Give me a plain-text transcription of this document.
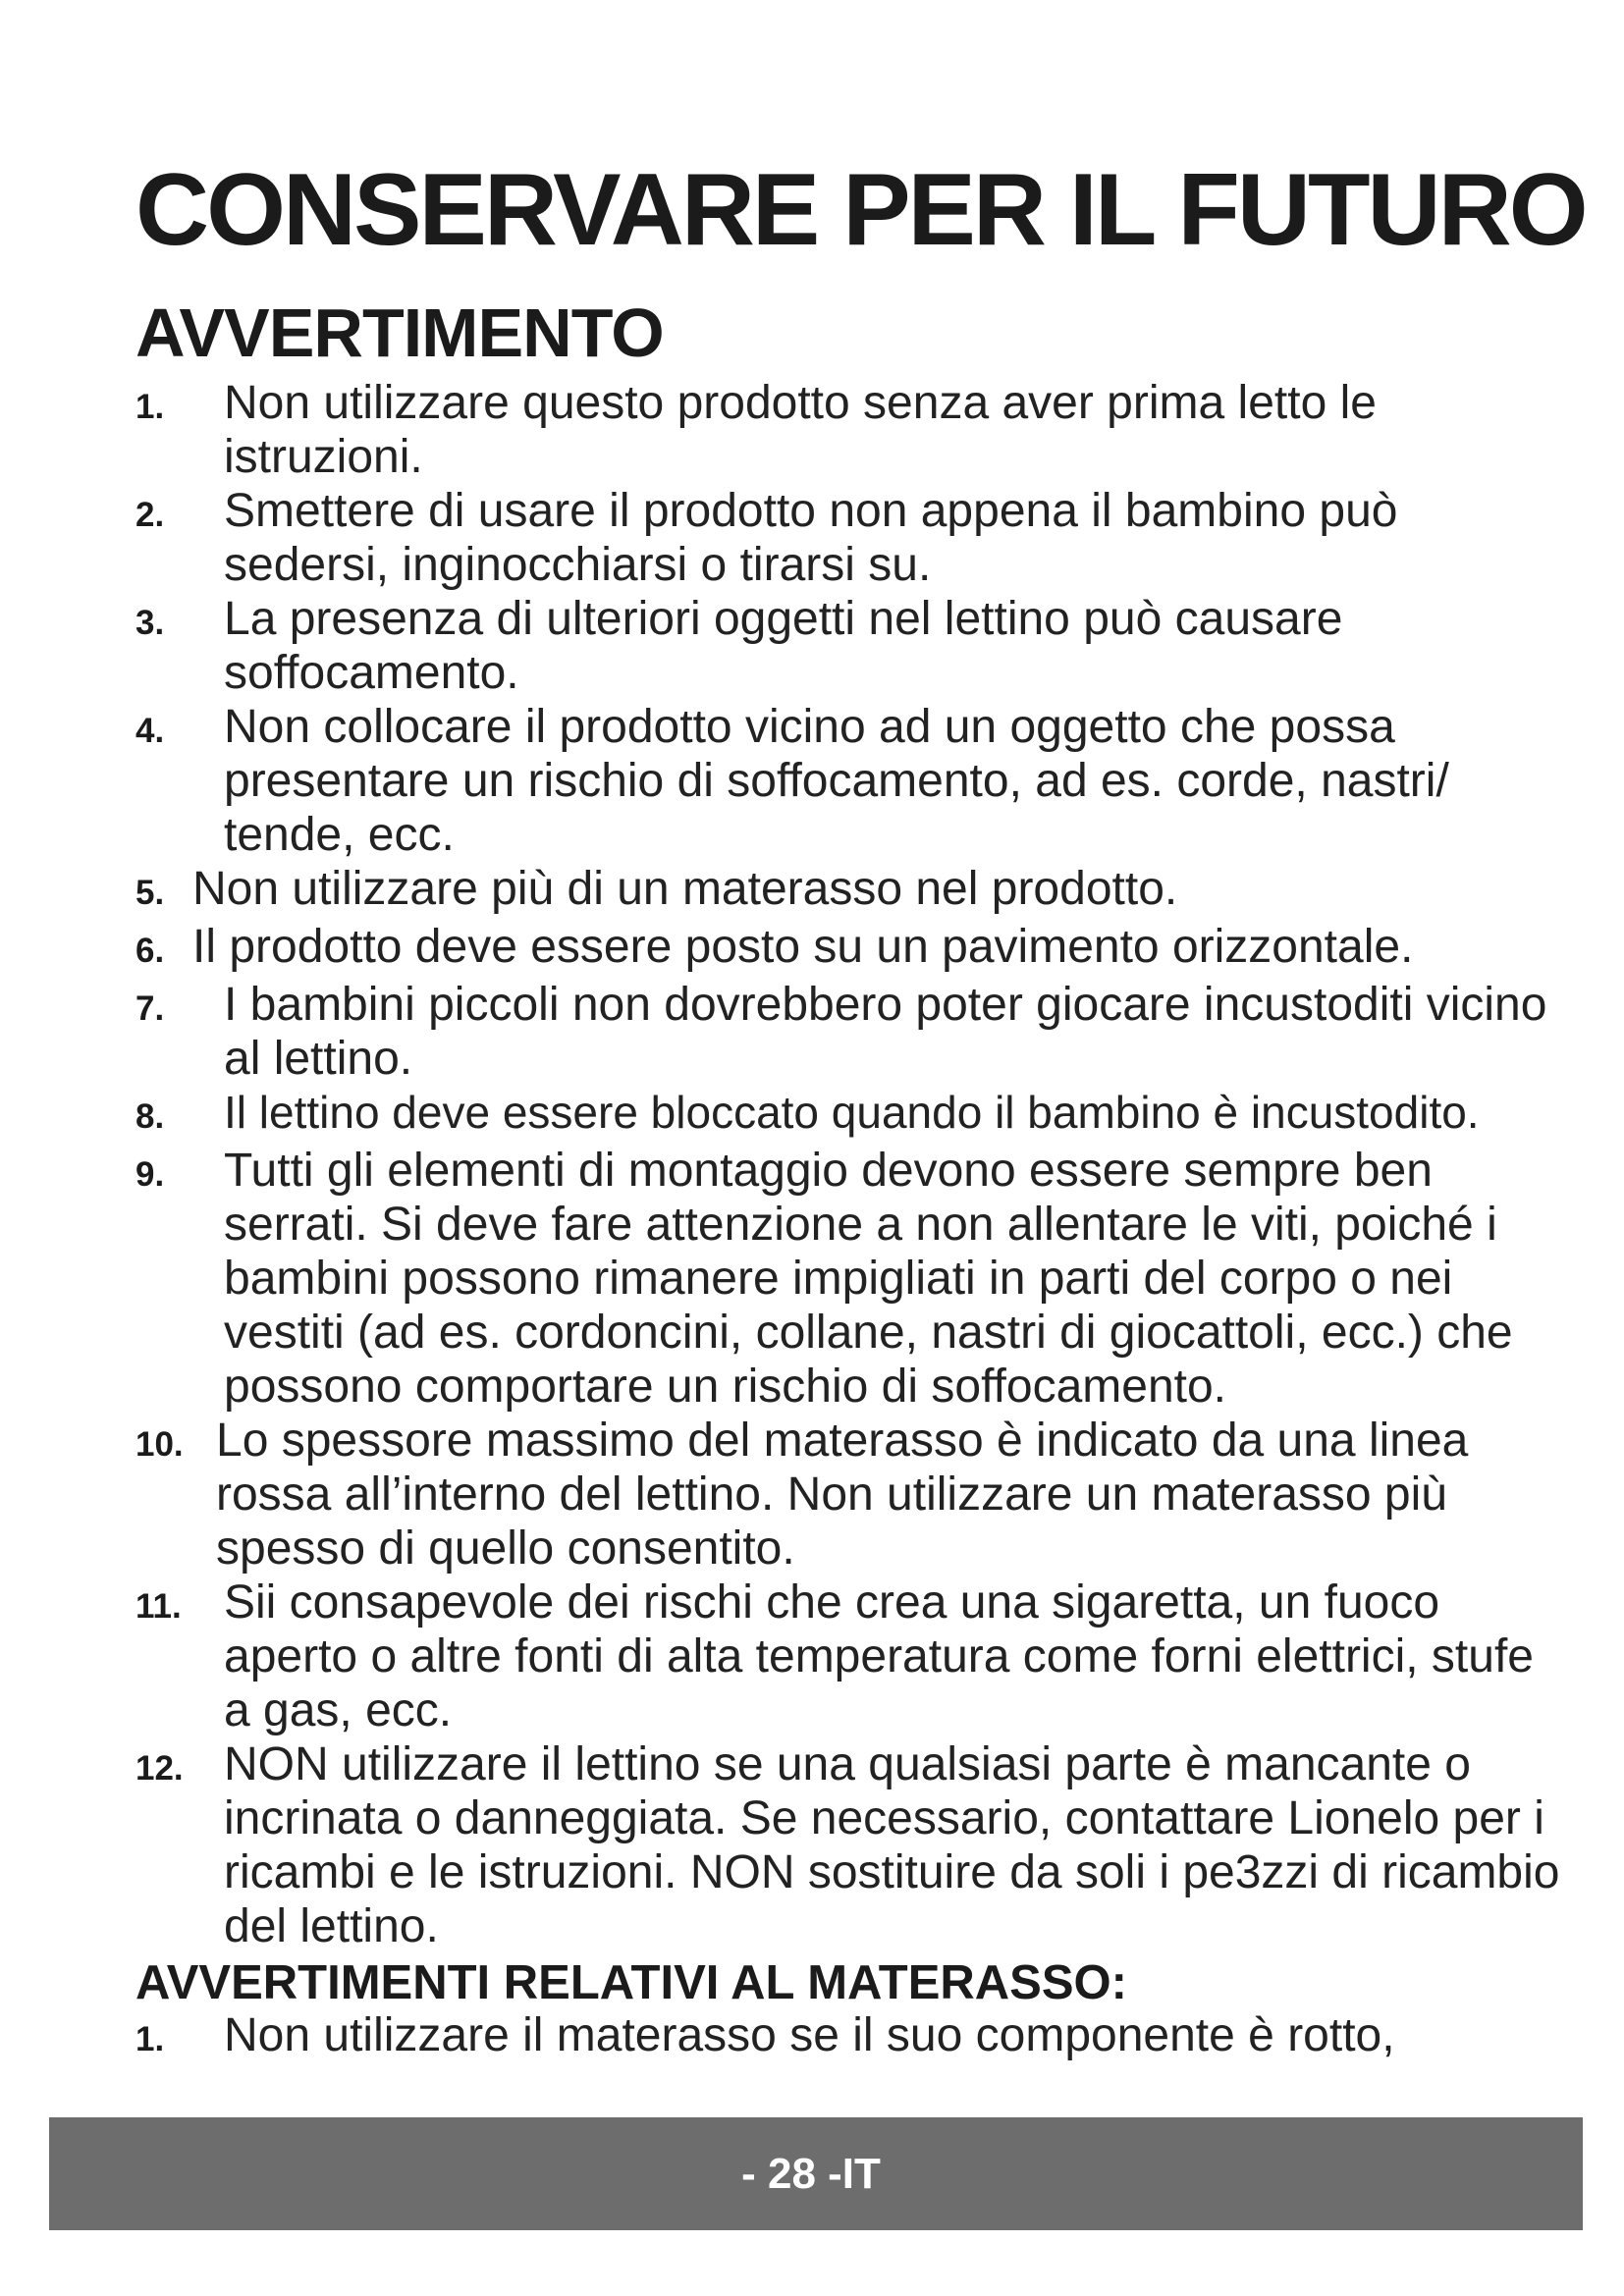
CONSERVARE PER IL FUTURO
AVVERTIMENTO
1.	Non utilizzare questo prodotto senza aver prima letto le istruzioni.
2.	Smettere di usare il prodotto non appena il bambino può sedersi, inginocchiarsi o tirarsi su.
3.	La presenza di ulteriori oggetti nel lettino può causare soffocamento.
4.	Non collocare il prodotto vicino ad un oggetto che possa presentare un rischio di soffocamento, ad es. corde, nastri/ tende, ecc.
5. Non utilizzare più di un materasso nel prodotto.
6. Il prodotto deve essere posto su un pavimento orizzontale.
7.	I bambini piccoli non dovrebbero poter giocare incustoditi vicino al lettino.
8.	Il lettino deve essere bloccato quando il bambino è incustodito.
9.	Tutti gli elementi di montaggio devono essere sempre ben serrati. Si deve fare attenzione a non allentare le viti, poiché i bambini possono rimanere impigliati in parti del corpo o nei vestiti (ad es. cordoncini, collane, nastri di giocattoli, ecc.) che possono comportare un rischio di soffocamento.
10. Lo spessore massimo del materasso è indicato da una linea rossa all’interno del lettino. Non utilizzare un materasso più spesso di quello consentito.
11. Sii consapevole dei rischi che crea una sigaretta, un fuoco aperto o altre fonti di alta temperatura come forni elettrici, stufe a gas, ecc.
12. NON utilizzare il lettino se una qualsiasi parte è mancante o incrinata o danneggiata. Se necessario, contattare Lionelo per i ricambi e le istruzioni. NON sostituire da soli i pe3zzi di ricambio del lettino.
AVVERTIMENTI RELATIVI AL MATERASSO:
1.	Non utilizzare il materasso se il suo componente è rotto,
- 28 -IT
